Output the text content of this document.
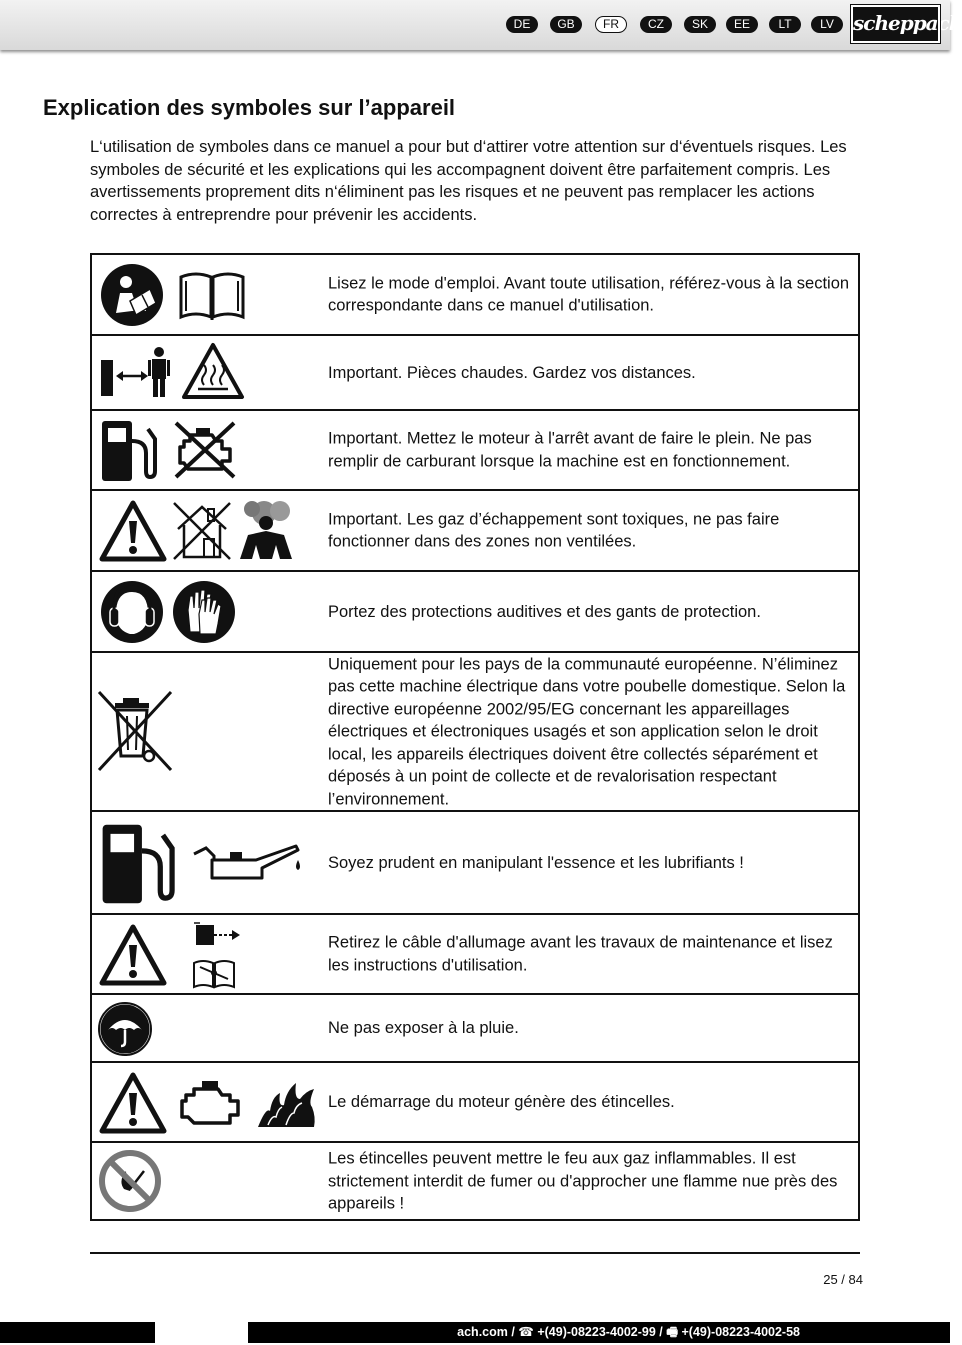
DE	GB	FR	CZ	SK	EE	LT	LV scheppach
Explication des symboles sur l’appareil

L‘utilisation de symboles dans ce manuel a pour but d‘attirer votre attention sur d‘éventuels risques. Les symboles de sécurité et les explications qui les accompagnent doivent être parfaitement compris. Les avertissements proprement dits n‘éliminent pas les risques et ne peuvent pas remplacer les actions correctes à entreprendre pour prévenir les accidents.

Lisez le mode d'emploi. Avant toute utilisation, référez-vous à la section correspondante dans ce manuel d'utilisation.

Important. Pièces chaudes. Gardez vos distances.

Important. Mettez le moteur à l'arrêt avant de faire le plein. Ne pas remplir de carburant lorsque la machine est en fonctionnement.

Important. Les gaz d’échappement sont toxiques, ne pas faire fonctionner dans des zones non ventilées.

Portez des protections auditives et des gants de protection.

Uniquement pour les pays de la communauté européenne. N’éliminez pas cette machine électrique dans votre poubelle domestique. Selon la directive européenne 2002/95/EG concernant les appareillages électriques et électroniques usagés et son application selon le droit local, les appareils électriques doivent être collectés séparément et déposés à un point de collecte et de revalorisation respectant l’environnement.

Soyez prudent en manipulant l'essence et les lubrifiants !

Retirez le câble d'allumage avant les travaux de maintenance et lisez les instructions d'utilisation.

Ne pas exposer à la pluie.

Le démarrage du moteur génère des étincelles.

Les étincelles peuvent mettre le feu aux gaz inflammables. Il est strictement interdit de fumer ou d'approcher une flamme nue près des appareils !

25 / 84
ach.com / ☎ +(49)-08223-4002-99 / 🖷 +(49)-08223-4002-58
